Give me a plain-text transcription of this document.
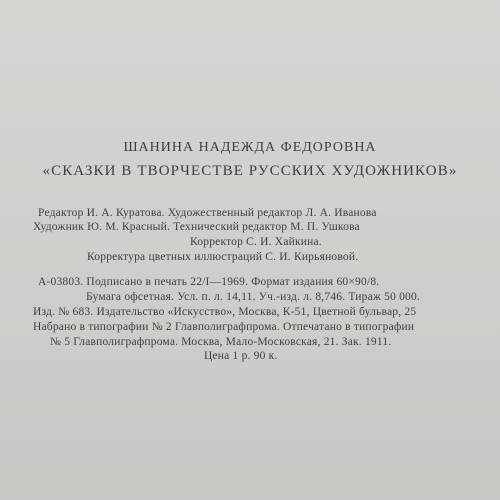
ШАНИНА НАДЕЖДА ФЕДОРОВНА
«СКАЗКИ В ТВОРЧЕСТВЕ РУССКИХ ХУДОЖНИКОВ»
Редактор И. А. Куратова. Художественный редактор Л. А. Иванова
Художник Ю. М. Красный. Технический редактор М. П. Ушкова
Корректор С. И. Хайкина.
Корректура цветных иллюстраций С. И. Кирьяновой.
А-03803. Подписано в печать 22/I—1969. Формат издания 60×90/8.
Бумага офсетная. Усл. п. л. 14,11. Уч.-изд. л. 8,746. Тираж 50 000.
Изд. № 683. Издательство «Искусство», Москва, К-51, Цветной бульвар, 25
Набрано в типографии № 2 Главполиграфпрома. Отпечатано в типографии
№ 5 Главполиграфпрома. Москва, Мало-Московская, 21. Зак. 1911.
Цена 1 р. 90 к.
